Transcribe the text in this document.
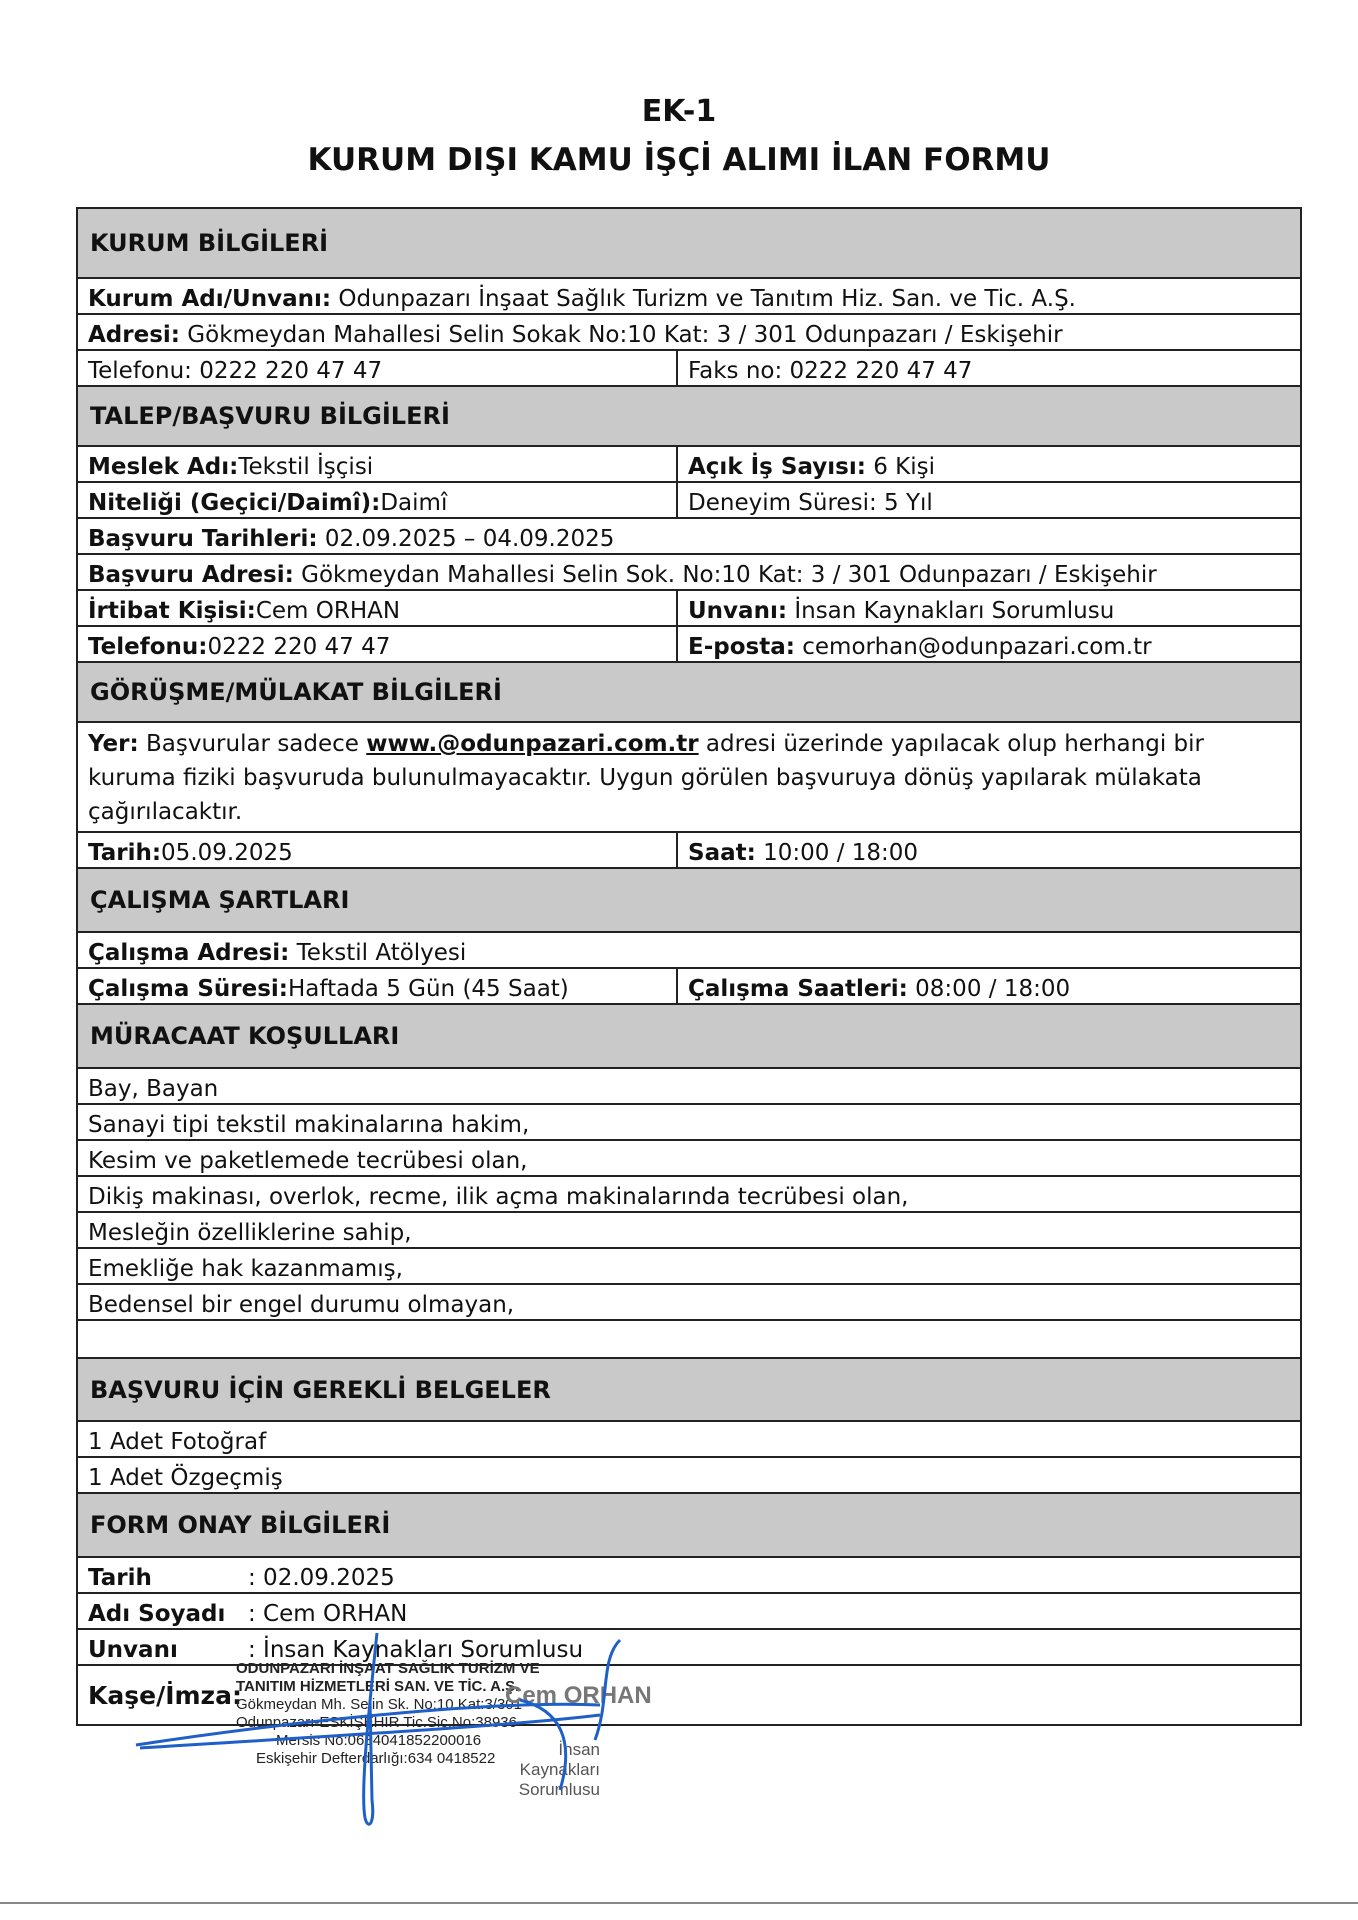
EK-1
KURUM DIŞI KAMU İŞÇİ ALIMI İLAN FORMU
KURUM BİLGİLERİ
Kurum Adı/Unvanı: Odunpazarı İnşaat Sağlık Turizm ve Tanıtım Hiz. San. ve Tic. A.Ş.
Adresi: Gökmeydan Mahallesi Selin Sokak No:10 Kat: 3 / 301 Odunpazarı / Eskişehir
Telefonu: 0222 220 47 47	Faks no: 0222 220 47 47
TALEP/BAŞVURU BİLGİLERİ
Meslek Adı: Tekstil İşçisi	Açık İş Sayısı: 6 Kişi
Niteliği (Geçici/Daimî): Daimî	Deneyim Süresi: 5 Yıl
Başvuru Tarihleri: 02.09.2025 – 04.09.2025
Başvuru Adresi: Gökmeydan Mahallesi Selin Sok. No:10 Kat: 3 / 301 Odunpazarı / Eskişehir
İrtibat Kişisi: Cem ORHAN	Unvanı: İnsan Kaynakları Sorumlusu
Telefonu: 0222 220 47 47	E-posta: cemorhan@odunpazari.com.tr
GÖRÜŞME/MÜLAKAT BİLGİLERİ
Yer: Başvurular sadece www.@odunpazari.com.tr adresi üzerinde yapılacak olup herhangi bir kuruma fiziki başvuruda bulunulmayacaktır. Uygun görülen başvuruya dönüş yapılarak mülakata çağırılacaktır.
Tarih: 05.09.2025	Saat: 10:00 / 18:00
ÇALIŞMA ŞARTLARI
Çalışma Adresi: Tekstil Atölyesi
Çalışma Süresi: Haftada 5 Gün (45 Saat)	Çalışma Saatleri: 08:00 / 18:00
MÜRACAAT KOŞULLARI
Bay, Bayan
Sanayi tipi tekstil makinalarına hakim,
Kesim ve paketlemede tecrübesi olan,
Dikiş makinası, overlok, recme, ilik açma makinalarında tecrübesi olan,
Mesleğin özelliklerine sahip,
Emekliğe hak kazanmamış,
Bedensel bir engel durumu olmayan,
BAŞVURU İÇİN GEREKLİ BELGELER
1 Adet Fotoğraf
1 Adet Özgeçmiş
FORM ONAY BİLGİLERİ
Tarih	: 02.09.2025
Adı Soyadı : Cem ORHAN
Unvanı	: İnsan Kaynakları Sorumlusu
Kaşe/İmza:
ODUNPAZARI İNŞAAT SAĞLIK TURİZM VE
TANITIM HİZMETLERİ SAN. VE TİC. A.Ş.
Gökmeydan Mh. Selin Sk. No:10 Kat:3/301
Odunpazarı-ESKİŞEHİR Tic.Sic.No:38936
Mersis No:0634041852200016
Eskişehir Defterdarlığı:634 0418522
Cem ORHAN
İnsan Kaynakları Sorumlusu
